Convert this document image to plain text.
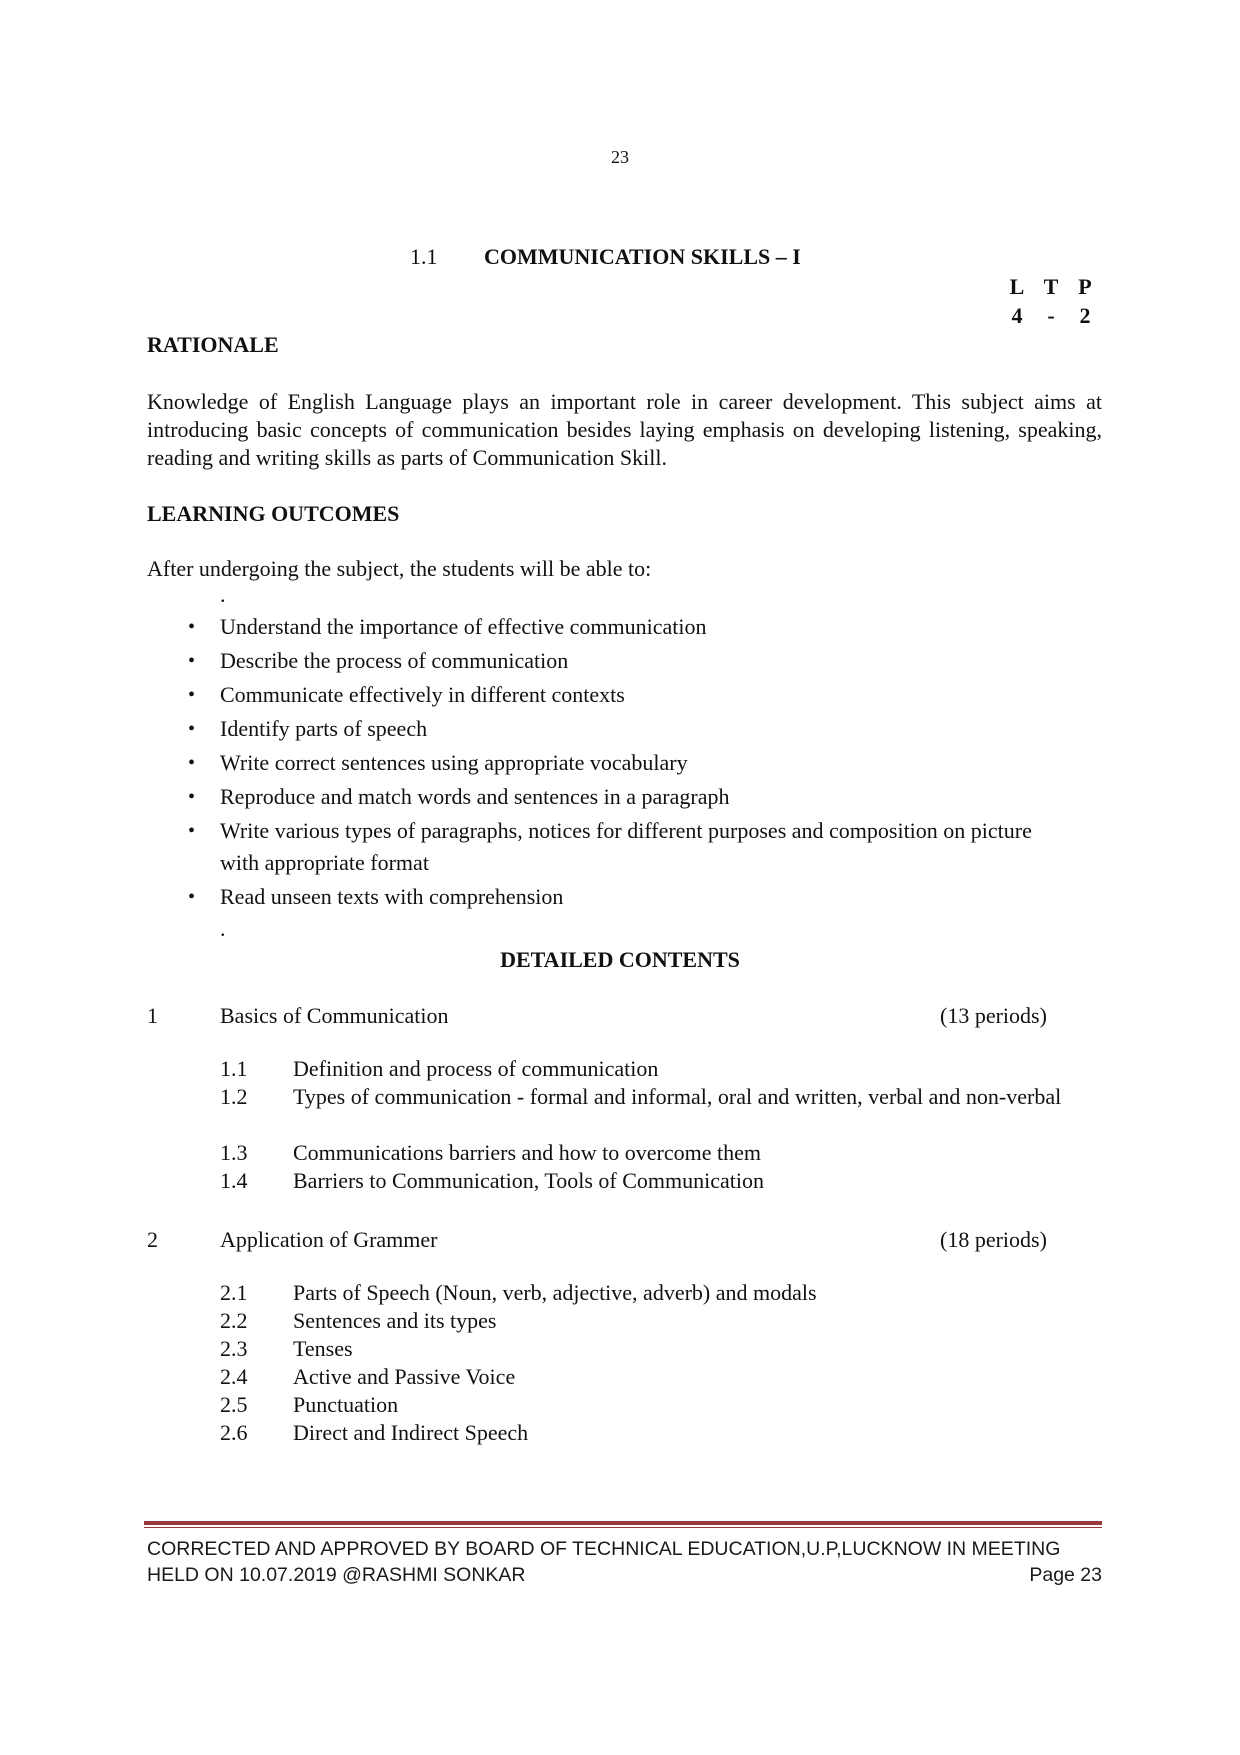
23
1.1 COMMUNICATION SKILLS – I
L T P
4 - 2
RATIONALE
Knowledge of English Language plays an important role in career development. This subject aims at introducing basic concepts of communication besides laying emphasis on developing listening, speaking, reading and writing skills as parts of Communication Skill.
LEARNING OUTCOMES
After undergoing the subject, the students will be able to:
.
• Understand the importance of effective communication
• Describe the process of communication
• Communicate effectively in different contexts
• Identify parts of speech
• Write correct sentences using appropriate vocabulary
• Reproduce and match words and sentences in a paragraph
• Write various types of paragraphs, notices for different purposes and composition on picture with appropriate format
• Read unseen texts with comprehension
.
DETAILED CONTENTS
1	Basics of Communication	(13 periods)
1.1 Definition and process of communication
1.2 Types of communication - formal and informal, oral and written, verbal and non-verbal
1.3 Communications barriers and how to overcome them
1.4 Barriers to Communication, Tools of Communication
2	Application of Grammer	(18 periods)
2.1 Parts of Speech (Noun, verb, adjective, adverb) and modals
2.2 Sentences and its types
2.3 Tenses
2.4 Active and Passive Voice
2.5 Punctuation
2.6 Direct and Indirect Speech
CORRECTED AND APPROVED BY BOARD OF TECHNICAL EDUCATION,U.P,LUCKNOW IN MEETING
HELD ON 10.07.2019 @RASHMI SONKAR	Page 23
